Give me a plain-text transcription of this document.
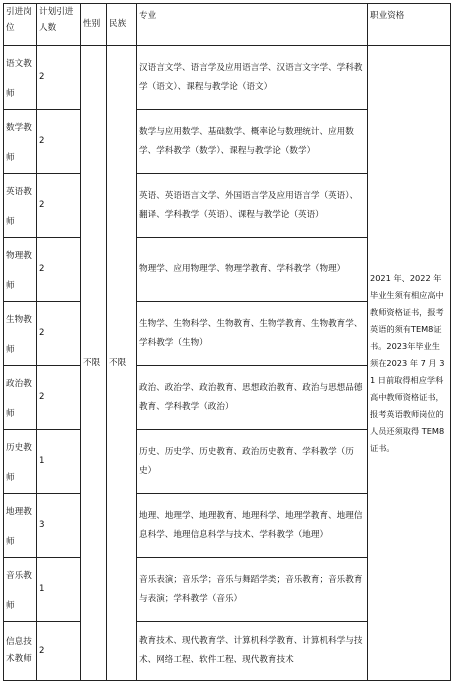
引进岗位	计划引进人数	性别	民族	专业	职业资格
语文教师	2	不限	不限	汉语言文学、语言学及应用语言学、汉语言文字学、学科教学（语文）、课程与教学论（语文）	2021 年、2022 年毕业生须有相应高中教师资格证书，报考英语的须有TEM8证书。2023年毕业生须在2023 年 7 月 31 日前取得相应学科高中教师资格证书，报考英语教师岗位的人员还须取得 TEM8 证书。
数学教师	2			数学与应用数学、基础数学、概率论与数理统计、应用数学、学科教学（数学）、课程与教学论（数学）	
英语教师	2			英语、英语语言文学、外国语言学及应用语言学（英语）、翻译、学科教学（英语）、课程与教学论（英语）	
物理教师	2			物理学、应用物理学、物理学教育、学科教学（物理）	
生物教师	2			生物学、生物科学、生物教育、生物学教育、生物教育学、学科教学（生物）	
政治教师	2			政治、政治学、政治教育、思想政治教育、政治与思想品德教育、学科教学（政治）	
历史教师	1			历史、历史学、历史教育、政治历史教育、学科教学（历史）	
地理教师	3			地理、地理学、地理教育、地理科学、地理学教育、地理信息科学、地理信息科学与技术、学科教学（地理）	
音乐教师	1			音乐表演；音乐学；音乐与舞蹈学类；音乐教育；音乐教育与表演；学科教学（音乐）	
信息技术教师	2			教育技术、现代教育学、计算机科学教育、计算机科学与技术、网络工程、软件工程、现代教育技术	
